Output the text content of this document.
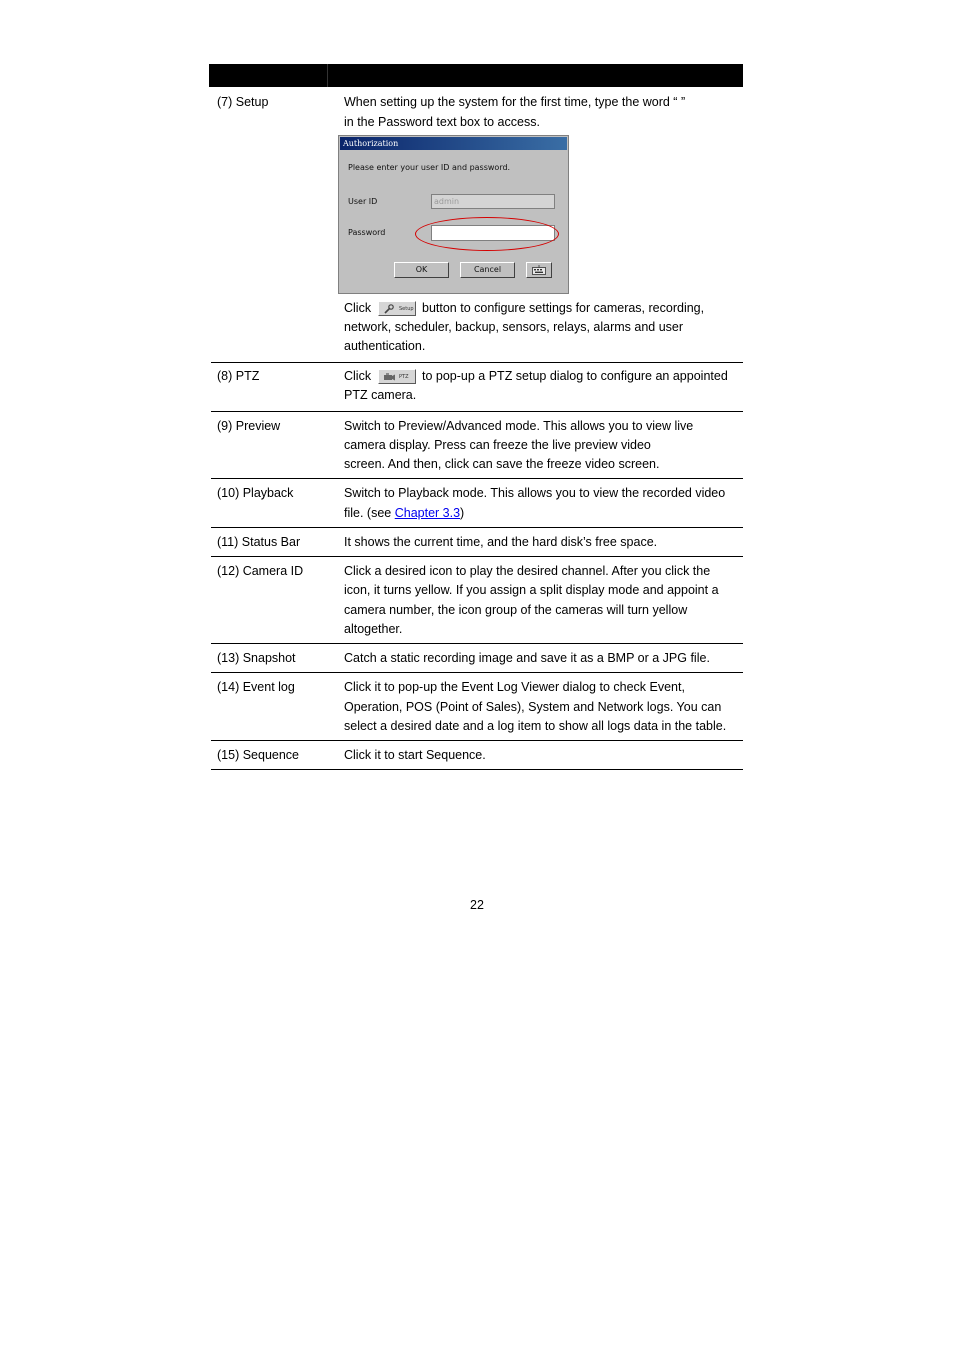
(7) Setup	When setting up the system for the first time, type the word “ ”
in the Password text box to access.
Authorization
Please enter your user ID and password.
User ID	admin
Password
OK	Cancel
Click	Setup button to configure settings for cameras, recording,
network, scheduler, backup, sensors, relays, alarms and user
authentication.
(8) PTZ	Click	PTZ to pop-up a PTZ setup dialog to configure an appointed
PTZ camera.
(9) Preview	Switch to Preview/Advanced mode. This allows you to view live
camera display. Press can freeze the live preview video
screen. And then, click can save the freeze video screen.
(10) Playback	Switch to Playback mode. This allows you to view the recorded video
file. (see Chapter 3.3)
(11) Status Bar	It shows the current time, and the hard disk’s free space.
(12) Camera ID	Click a desired icon to play the desired channel. After you click the
icon, it turns yellow. If you assign a split display mode and appoint a
camera number, the icon group of the cameras will turn yellow
altogether.
(13) Snapshot	Catch a static recording image and save it as a BMP or a JPG file.
(14) Event log	Click it to pop-up the Event Log Viewer dialog to check Event,
Operation, POS (Point of Sales), System and Network logs. You can
select a desired date and a log item to show all logs data in the table.
(15) Sequence	Click it to start Sequence.
22
